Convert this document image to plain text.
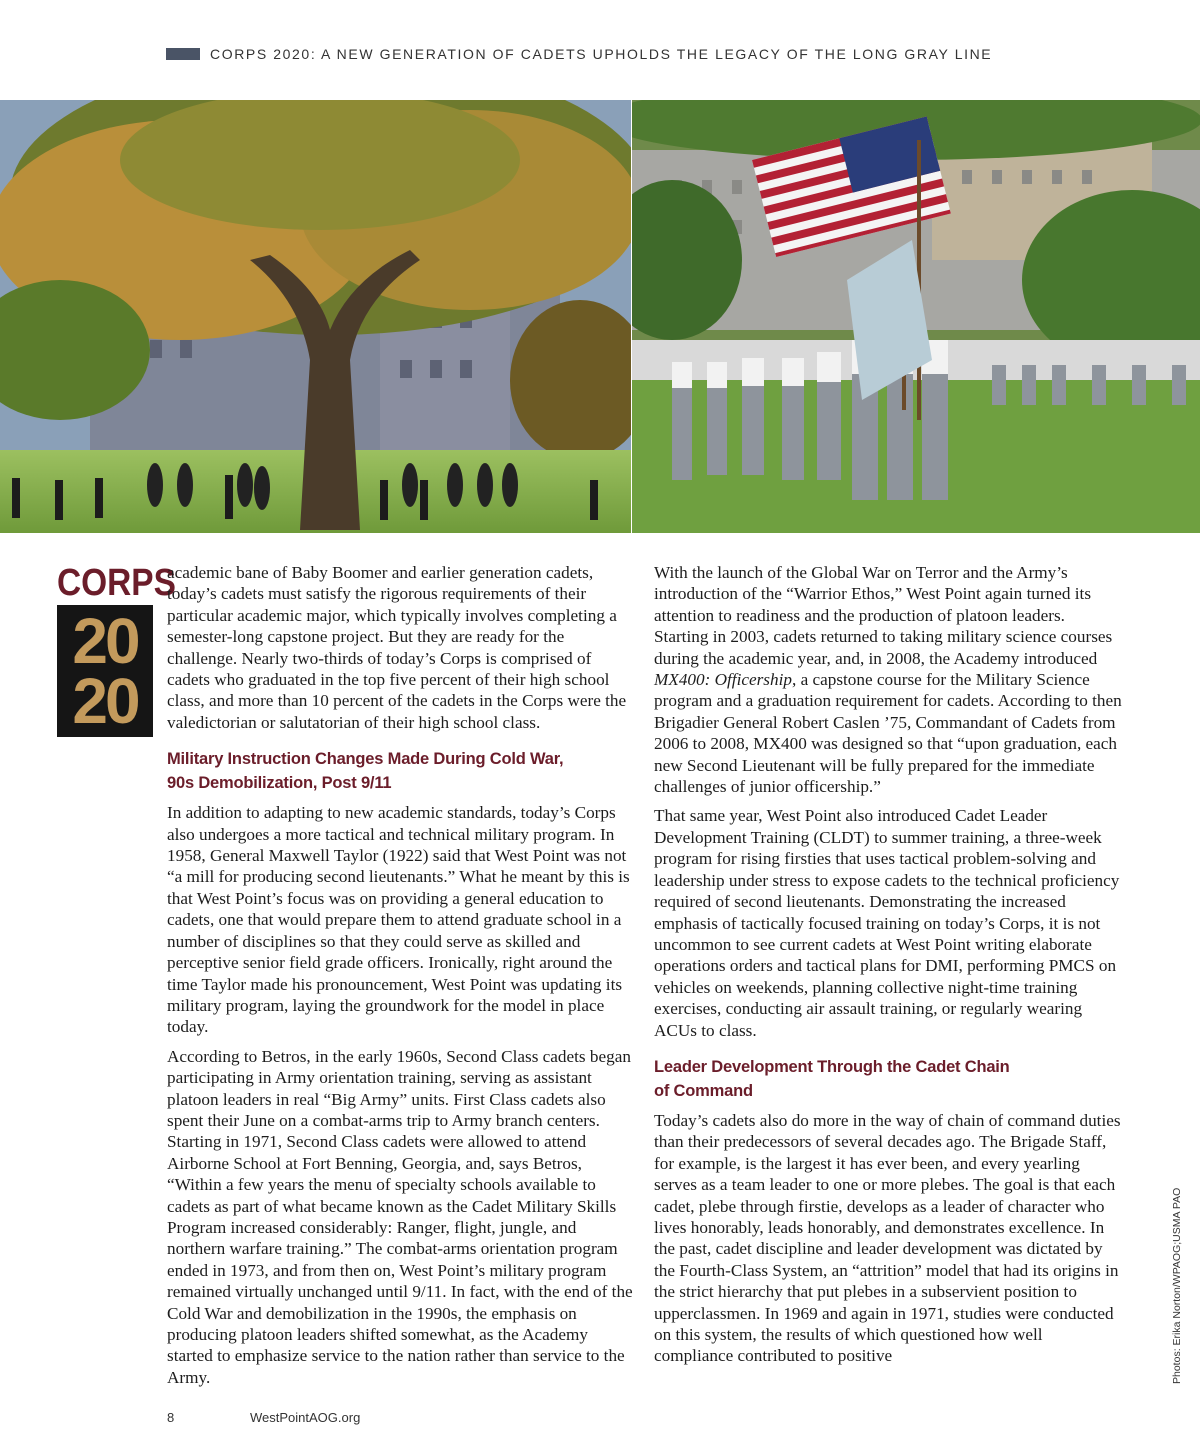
CORPS 2020: A NEW GENERATION OF CADETS UPHOLDS THE LEGACY OF THE LONG GRAY LINE
CORPS
20
20

academic bane of Baby Boomer and earlier generation cadets, today’s cadets must satisfy the rigorous requirements of their particular academic major, which typically involves completing a semester-long capstone project. But they are ready for the challenge. Nearly two-thirds of today’s Corps is comprised of cadets who graduated in the top five percent of their high school class, and more than 10 percent of the cadets in the Corps were the valedictorian or salutatorian of their high school class.

Military Instruction Changes Made During Cold War,
90s Demobilization, Post 9/11

In addition to adapting to new academic standards, today’s Corps also undergoes a more tactical and technical military program. In 1958, General Maxwell Taylor (1922) said that West Point was not “a mill for producing second lieutenants.” What he meant by this is that West Point’s focus was on providing a general education to cadets, one that would prepare them to attend graduate school in a number of disciplines so that they could serve as skilled and perceptive senior field grade officers. Ironically, right around the time Taylor made his pronouncement, West Point was updating its military program, laying the groundwork for the model in place today.

According to Betros, in the early 1960s, Second Class cadets began participating in Army orientation training, serving as assistant platoon leaders in real “Big Army” units. First Class cadets also spent their June on a combat-arms trip to Army branch centers. Starting in 1971, Second Class cadets were allowed to attend Airborne School at Fort Benning, Georgia, and, says Betros, “Within a few years the menu of specialty schools available to cadets as part of what became known as the Cadet Military Skills Program increased considerably: Ranger, flight, jungle, and northern warfare training.” The combat-arms orientation program ended in 1973, and from then on, West Point’s military program remained virtually unchanged until 9/11. In fact, with the end of the Cold War and demobilization in the 1990s, the emphasis on producing platoon leaders shifted somewhat, as the Academy started to emphasize service to the nation rather than service to the Army.

With the launch of the Global War on Terror and the Army’s introduction of the “Warrior Ethos,” West Point again turned its attention to readiness and the production of platoon leaders. Starting in 2003, cadets returned to taking military science courses during the academic year, and, in 2008, the Academy introduced MX400: Officership, a capstone course for the Military Science program and a graduation requirement for cadets. According to then Brigadier General Robert Caslen ’75, Commandant of Cadets from 2006 to 2008, MX400 was designed so that “upon graduation, each new Second Lieutenant will be fully prepared for the immediate challenges of junior officership.”

That same year, West Point also introduced Cadet Leader Development Training (CLDT) to summer training, a three-week program for rising firsties that uses tactical problem-solving and leadership under stress to expose cadets to the technical proficiency required of second lieutenants. Demonstrating the increased emphasis of tactically focused training on today’s Corps, it is not uncommon to see current cadets at West Point writing elaborate operations orders and tactical plans for DMI, performing PMCS on vehicles on weekends, planning collective night-time training exercises, conducting air assault training, or regularly wearing ACUs to class.

Leader Development Through the Cadet Chain
of Command

Today’s cadets also do more in the way of chain of command duties than their predecessors of several decades ago. The Brigade Staff, for example, is the largest it has ever been, and every yearling serves as a team leader to one or more plebes. The goal is that each cadet, plebe through firstie, develops as a leader of character who lives honorably, leads honorably, and demonstrates excellence. In the past, cadet discipline and leader development was dictated by the Fourth-Class System, an “attrition” model that had its origins in the strict hierarchy that put plebes in a subservient position to upperclassmen. In 1969 and again in 1971, studies were conducted on this system, the results of which questioned how well compliance contributed to positive	Photos: Erika Norton/WPAOG;USMA PAO
8	WestPointAOG.org
